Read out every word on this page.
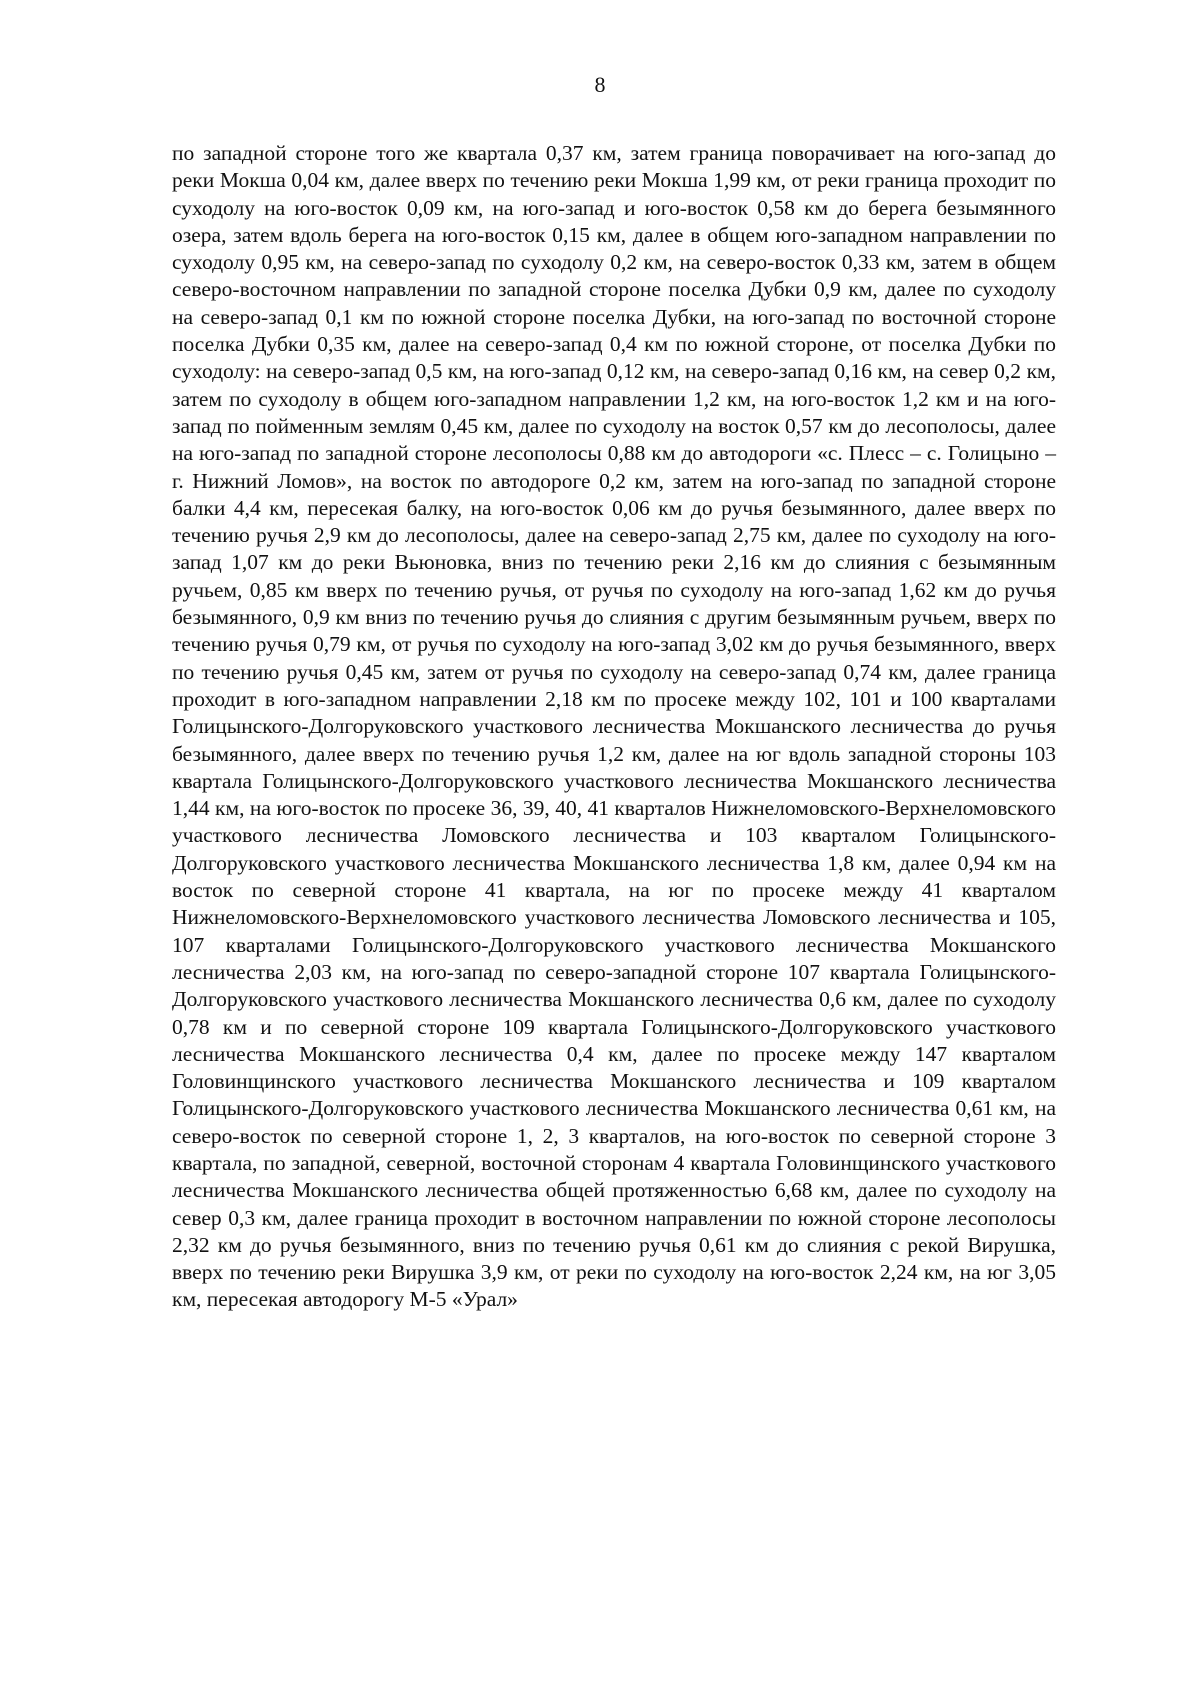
8

по западной стороне того же квартала 0,37 км, затем граница поворачивает на юго-запад до реки Мокша 0,04 км, далее вверх по течению реки Мокша 1,99 км, от реки граница проходит по суходолу на юго-восток 0,09 км, на юго-запад и юго-восток 0,58 км до берега безымянного озера, затем вдоль берега на юго-восток 0,15 км, далее в общем юго-западном направлении по суходолу 0,95 км, на северо-запад по суходолу 0,2 км, на северо-восток 0,33 км, затем в общем северо-восточном направлении по западной стороне поселка Дубки 0,9 км, далее по суходолу на северо-запад 0,1 км по южной стороне поселка Дубки, на юго-запад по восточной стороне поселка Дубки 0,35 км, далее на северо-запад 0,4 км по южной стороне, от поселка Дубки по суходолу: на северо-запад 0,5 км, на юго-запад 0,12 км, на северо-запад 0,16 км, на север 0,2 км, затем по суходолу в общем юго-западном направлении 1,2 км, на юго-восток 1,2 км и на юго-запад по пойменным землям 0,45 км, далее по суходолу на восток 0,57 км до лесополосы, далее на юго-запад по западной стороне лесополосы 0,88 км до автодороги «с. Плесс – с. Голицыно – г. Нижний Ломов», на восток по автодороге 0,2 км, затем на юго-запад по западной стороне балки 4,4 км, пересекая балку, на юго-восток 0,06 км до ручья безымянного, далее вверх по течению ручья 2,9 км до лесополосы, далее на северо-запад 2,75 км, далее по суходолу на юго-запад 1,07 км до реки Вьюновка, вниз по течению реки 2,16 км до слияния с безымянным ручьем, 0,85 км вверх по течению ручья, от ручья по суходолу на юго-запад 1,62 км до ручья безымянного, 0,9 км вниз по течению ручья до слияния с другим безымянным ручьем, вверх по течению ручья 0,79 км, от ручья по суходолу на юго-запад 3,02 км до ручья безымянного, вверх по течению ручья 0,45 км, затем от ручья по суходолу на северо-запад 0,74 км, далее граница проходит в юго-западном направлении 2,18 км по просеке между 102, 101 и 100 кварталами Голицынского-Долгоруковского участкового лесничества Мокшанского лесничества до ручья безымянного, далее вверх по течению ручья 1,2 км, далее на юг вдоль западной стороны 103 квартала Голицынского-Долгоруковского участкового лесничества Мокшанского лесничества 1,44 км, на юго-восток по просеке 36, 39, 40, 41 кварталов Нижнеломовского-Верхнеломовского участкового лесничества Ломовского лесничества и 103 кварталом Голицынского-Долгоруковского участкового лесничества Мокшанского лесничества 1,8 км, далее 0,94 км на восток по северной стороне 41 квартала, на юг по просеке между 41 кварталом Нижнеломовского-Верхнеломовского участкового лесничества Ломовского лесничества и 105, 107 кварталами Голицынского-Долгоруковского участкового лесничества Мокшанского лесничества 2,03 км, на юго-запад по северо-западной стороне 107 квартала Голицынского-Долгоруковского участкового лесничества Мокшанского лесничества 0,6 км, далее по суходолу 0,78 км и по северной стороне 109 квартала Голицынского-Долгоруковского участкового лесничества Мокшанского лесничества 0,4 км, далее по просеке между 147 кварталом Головинщинского участкового лесничества Мокшанского лесничества и 109 кварталом Голицынского-Долгоруковского участкового лесничества Мокшанского лесничества 0,61 км, на северо-восток по северной стороне 1, 2, 3 кварталов, на юго-восток по северной стороне 3 квартала, по западной, северной, восточной сторонам 4 квартала Головинщинского участкового лесничества Мокшанского лесничества общей протяженностью 6,68 км, далее по суходолу на север 0,3 км, далее граница проходит в восточном направлении по южной стороне лесополосы 2,32 км до ручья безымянного, вниз по течению ручья 0,61 км до слияния с рекой Вирушка, вверх по течению реки Вирушка 3,9 км, от реки по суходолу на юго-восток 2,24 км, на юг 3,05 км, пересекая автодорогу М-5 «Урал»
